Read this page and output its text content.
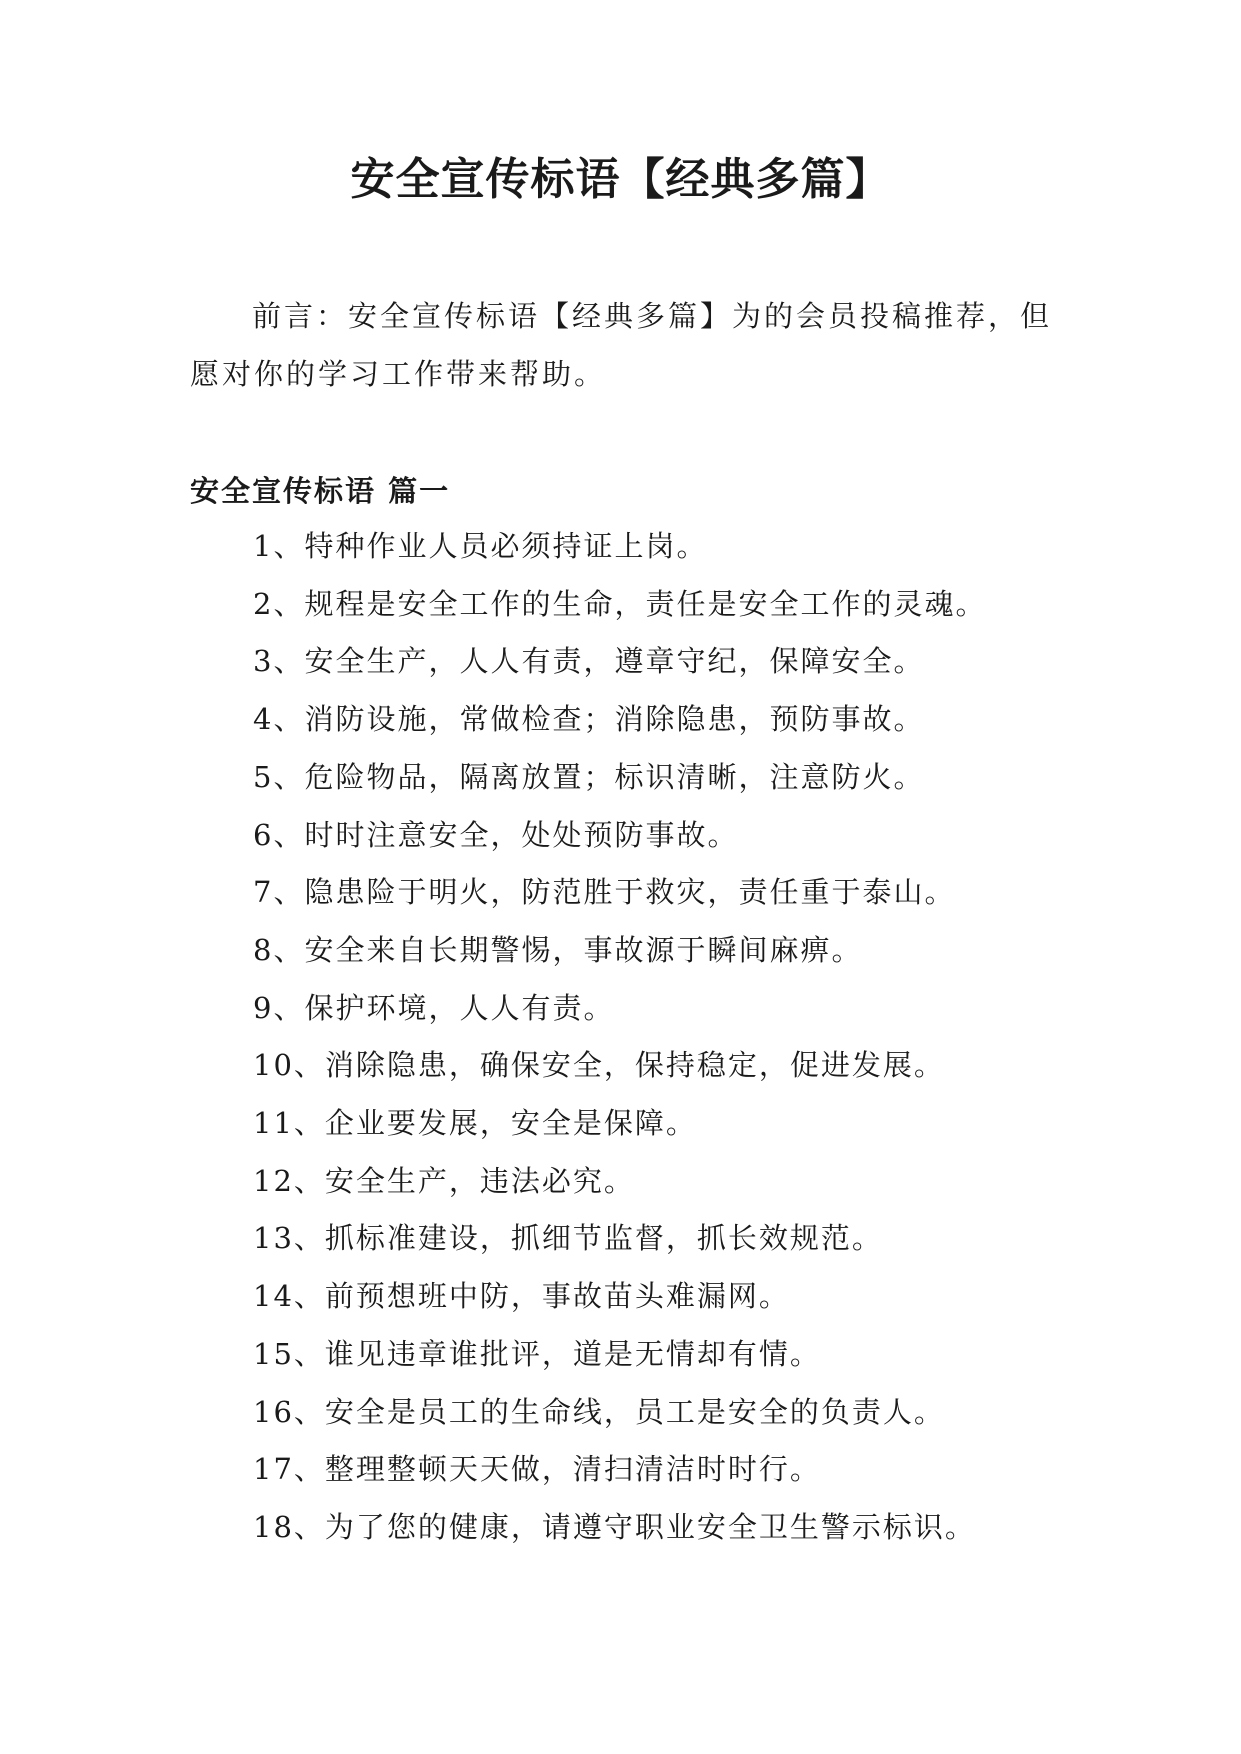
安全宣传标语【经典多篇】

前言：安全宣传标语【经典多篇】为的会员投稿推荐，但愿对你的学习工作带来帮助。

安全宣传标语 篇一
1、特种作业人员必须持证上岗。
2、规程是安全工作的生命，责任是安全工作的灵魂。
3、安全生产，人人有责，遵章守纪，保障安全。
4、消防设施，常做检查；消除隐患，预防事故。
5、危险物品，隔离放置；标识清晰，注意防火。
6、时时注意安全，处处预防事故。
7、隐患险于明火，防范胜于救灾，责任重于泰山。
8、安全来自长期警惕，事故源于瞬间麻痹。
9、保护环境，人人有责。
10、消除隐患，确保安全，保持稳定，促进发展。
11、企业要发展，安全是保障。
12、安全生产，违法必究。
13、抓标准建设，抓细节监督，抓长效规范。
14、前预想班中防，事故苗头难漏网。
15、谁见违章谁批评，道是无情却有情。
16、安全是员工的生命线，员工是安全的负责人。
17、整理整顿天天做，清扫清洁时时行。
18、为了您的健康，请遵守职业安全卫生警示标识。
